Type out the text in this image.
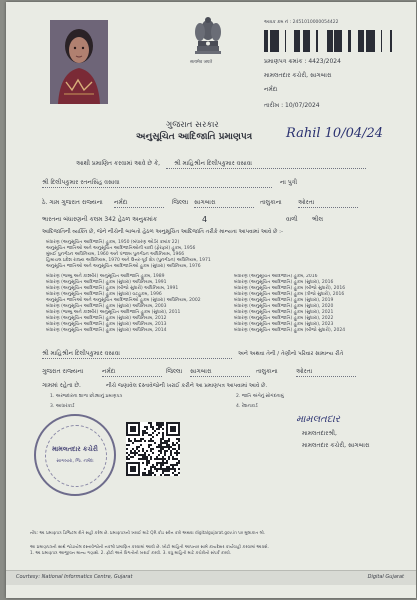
सत्यमेव जयते
આવક ક્રમ નં : 2451010000054422
પ્રમાણપત્ર ક્રમાંક : 4423/2024
મામલતદાર કચેરી, સાગબારા
નર્મદા
તારીખ : 10/07/2024
ગુજરાત સરકાર
અનુસૂચિત આદિજાતિ પ્રમાણપત્ર	Rahil 10/04/24
આથી પ્રમાણિત કરવામાં આવે છે કે,	શ્રી માહિશ્રીન દિલીપકુમાર વસાવા
શ્રી દિલીપકુમાર રતનસિંહ વસાવા	ના પુત્રી
ઠે. ગામ ગુજરાત રાજ્યના નર્મદા	જિલ્લા સાગબારા	તાલુકાના	ઓરતા
ભારતના બંધારણની કલમ 342 હેઠળ અનુક્રમાંક	4	વાળી ભીલ
આદિજાતિની વ્યક્તિ છે, જેને નીચેની બાબતો હેઠળ અનુસૂચિત આદિજાતિ તરીકે માન્યતા આપવામાં આવે છે :-
બંધારણ (અનુસૂચિત આદિજાતિ) હુકમ, 1950 (બંધારણ ઓર્ડર ક્રમાંક 22)
અનુસૂચિત જાતિઓ અને અનુસૂચિત આદિજાતિઓની યાદી (ફેરફાર) હુકમ, 1956
મુંબઈ પુનર્ગઠન અધિનિયમ, 1960 અને પંજાબ પુનર્ગઠન અધિનિયમ, 1966
હિમાચલ પ્રદેશ રાજ્ય અધિનિયમ, 1970 અને ઉત્તર-પૂર્વ ક્ષેત્ર (પુનર્ગઠન) અધિનિયમ, 1971
અનુસૂચિત જાતિઓ અને અનુસૂચિત આદિજાતિઓ હુકમ (સુધારા) અધિનિયમ, 1976
બંધારણ (જમ્મુ અને કાશ્મીર) અનુસૂચિત આદિજાતિ હુકમ, 1989
બંધારણ (અનુસૂચિત આદિજાતિ) હુકમ (સુધારા) અધિનિયમ, 1991
બંધારણ (અનુસૂચિત આદિજાતિ) હુકમ (બીજો સુધારો) અધિનિયમ, 1991
બંધારણ (અનુસૂચિત આદિજાતિ) હુકમ (સુધારા) વટહુકમ, 1996
અનુસૂચિત જાતિઓ અને અનુસૂચિત આદિજાતિઓ હુકમ (સુધારા) અધિનિયમ, 2002
બંધારણ (અનુસૂચિત આદિજાતિ) હુકમ (સુધારા) અધિનિયમ, 2003
બંધારણ (જમ્મુ અને કાશ્મીર) અનુસૂચિત આદિજાતિ હુકમ (સુધારા), 2011
બંધારણ (અનુસૂચિત આદિજાતિ) હુકમ (સુધારા) અધિનિયમ, 2012
બંધારણ (અનુસૂચિત આદિજાતિ) હુકમ (સુધારા) અધિનિયમ, 2013
બંધારણ (અનુસૂચિત આદિજાતિ) હુકમ (સુધારા) અધિનિયમ, 2014
બંધારણ (અનુસૂચિત આદિજાતિ) હુકમ, 2016
બંધારણ (અનુસૂચિત આદિજાતિ) હુકમ (સુધારા), 2016
બંધારણ (અનુસૂચિત આદિજાતિ) હુકમ (બીજો સુધારો), 2016
બંધારણ (અનુસૂચિત આદિજાતિ) હુકમ (ત્રીજો સુધારો), 2016
બંધારણ (અનુસૂચિત આદિજાતિ) હુકમ (સુધારા), 2019
બંધારણ (અનુસૂચિત આદિજાતિ) હુકમ (સુધારા), 2020
બંધારણ (અનુસૂચિત આદિજાતિ) હુકમ (સુધારા), 2021
બંધારણ (અનુસૂચિત આદિજાતિ) હુકમ (સુધારા), 2022
બંધારણ (અનુસૂચિત આદિજાતિ) હુકમ (સુધારા), 2023
બંધારણ (અનુસૂચિત આદિજાતિ) હુકમ (બીજો સુધારો), 2024
શ્રી માહિશ્રીન દિલીપકુમાર વસાવા	અને અથવા તેની / તેણીનો પરિવાર સામાન્ય રીતે
ગુજરાત રાજ્યના	નર્મદા	જિલ્લા સાગબારા	તાલુકાના	ઓરતા
ગામમાં રહેતા છે.	નીચે જણાવેલ દસ્તાવેજોની ખરાઈ કરીને આ પ્રમાણપત્ર આપવામાં આવે છે.
1. અરજદારના શાળા છોડ્યાનું પ્રમાણપત્ર	2. જાતિ અંગેનું સોગંદનામું
3. આધારકાર્ડ	4. રેશનકાર્ડ
મામલતદાર કચેરી
સાગબારા, જિ. નર્મદા
મામલતદાર
મામલતદારશ્રી,
મામલતદાર કચેરી, સાગબારા
નોંધ: આ પ્રમાણપત્ર ડિજિટલ રીતે સહી કરેલ છે. પ્રમાણપત્રની ખરાઈ માટે QR કોડ સ્કેન કરો અથવા digitalgujarat.gov.in પર મુલાકાત લો.
આ પ્રમાણપત્રની સાથે જોડાયેલ દસ્તાવેજોની નકલો પ્રમાણિત કરવામાં આવી છે. ખોટી માહિતી આપનાર સામે કાયદેસર કાર્યવાહી કરવામાં આવશે.
1. આ પ્રમાણપત્ર આજીવન માન્ય ગણાશે. 2. ફોટો અને વિગતોની ખરાઈ કરવી. 3. વધુ માહિતી માટે કચેરીનો સંપર્ક કરવો.
Courtesy: National Informatics Centre, Gujarat	Digital Gujarat
